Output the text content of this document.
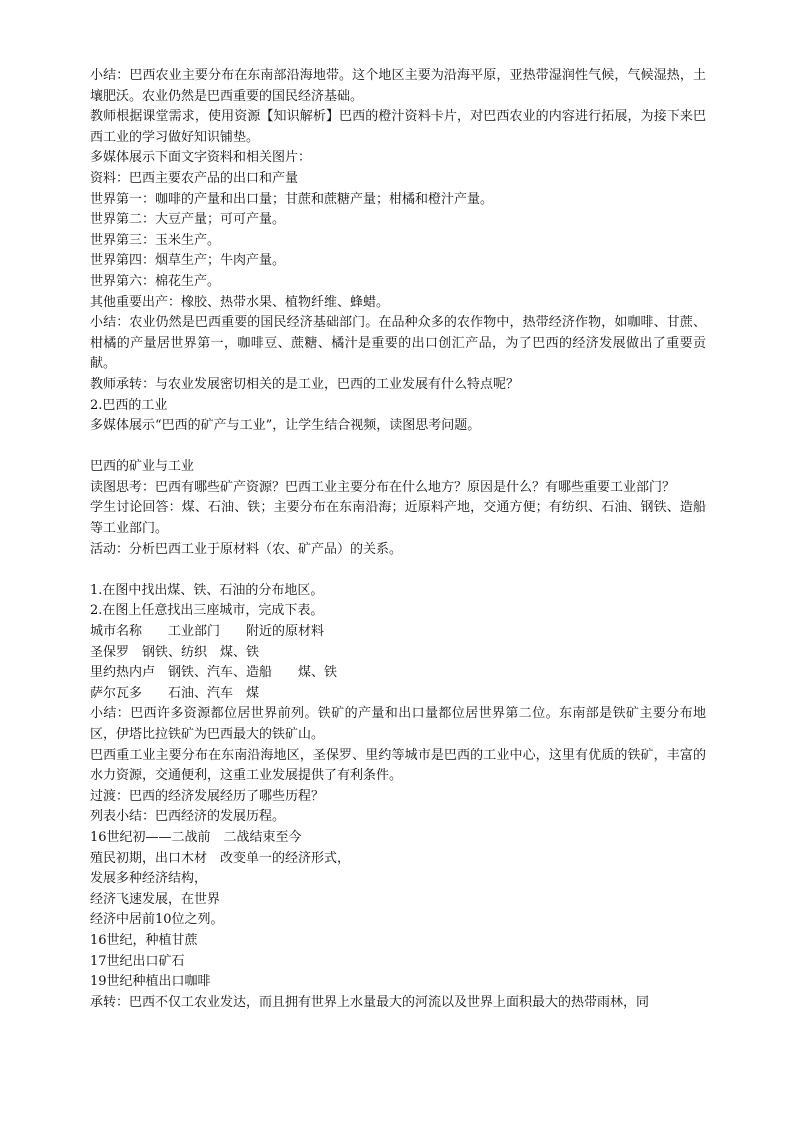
小结：巴西农业主要分布在东南部沿海地带。这个地区主要为沿海平原，亚热带湿润性气候，气候湿热，土壤肥沃。农业仍然是巴西重要的国民经济基础。
教师根据课堂需求，使用资源【知识解析】巴西的橙汁资料卡片，对巴西农业的内容进行拓展，为接下来巴西工业的学习做好知识铺垫。
多媒体展示下面文字资料和相关图片：
资料：巴西主要农产品的出口和产量
世界第一：咖啡的产量和出口量；甘蔗和蔗糖产量；柑橘和橙汁产量。
世界第二：大豆产量；可可产量。
世界第三：玉米生产。
世界第四：烟草生产；牛肉产量。
世界第六：棉花生产。
其他重要出产：橡胶、热带水果、植物纤维、蜂蜡。
小结：农业仍然是巴西重要的国民经济基础部门。在品种众多的农作物中，热带经济作物，如咖啡、甘蔗、柑橘的产量居世界第一，咖啡豆、蔗糖、橘汁是重要的出口创汇产品，为了巴西的经济发展做出了重要贡献。
教师承转：与农业发展密切相关的是工业，巴西的工业发展有什么特点呢？
2.巴西的工业
多媒体展示“巴西的矿产与工业”，让学生结合视频，读图思考问题。
巴西的矿业与工业
读图思考：巴西有哪些矿产资源？巴西工业主要分布在什么地方？原因是什么？有哪些重要工业部门？
学生讨论回答：煤、石油、铁；主要分布在东南沿海；近原料产地，交通方便；有纺织、石油、钢铁、造船等工业部门。
活动：分析巴西工业于原材料（农、矿产品）的关系。
1.在图中找出煤、铁、石油的分布地区。
2.在图上任意找出三座城市，完成下表。
城市名称　　工业部门　　附近的原材料
圣保罗　钢铁、纺织　煤、铁
里约热内卢　钢铁、汽车、造船　　煤、铁
萨尔瓦多　　石油、汽车　煤
小结：巴西许多资源都位居世界前列。铁矿的产量和出口量都位居世界第二位。东南部是铁矿主要分布地区，伊塔比拉铁矿为巴西最大的铁矿山。
巴西重工业主要分布在东南沿海地区，圣保罗、里约等城市是巴西的工业中心，这里有优质的铁矿，丰富的水力资源，交通便利，这重工业发展提供了有利条件。
过渡：巴西的经济发展经历了哪些历程？
列表小结：巴西经济的发展历程。
16世纪初——二战前　二战结束至今
殖民初期，出口木材　改变单一的经济形式，
发展多种经济结构，
经济飞速发展，在世界
经济中居前10位之列。
16世纪，种植甘蔗
17世纪出口矿石
19世纪种植出口咖啡
承转：巴西不仅工农业发达，而且拥有世界上水量最大的河流以及世界上面积最大的热带雨林，同
